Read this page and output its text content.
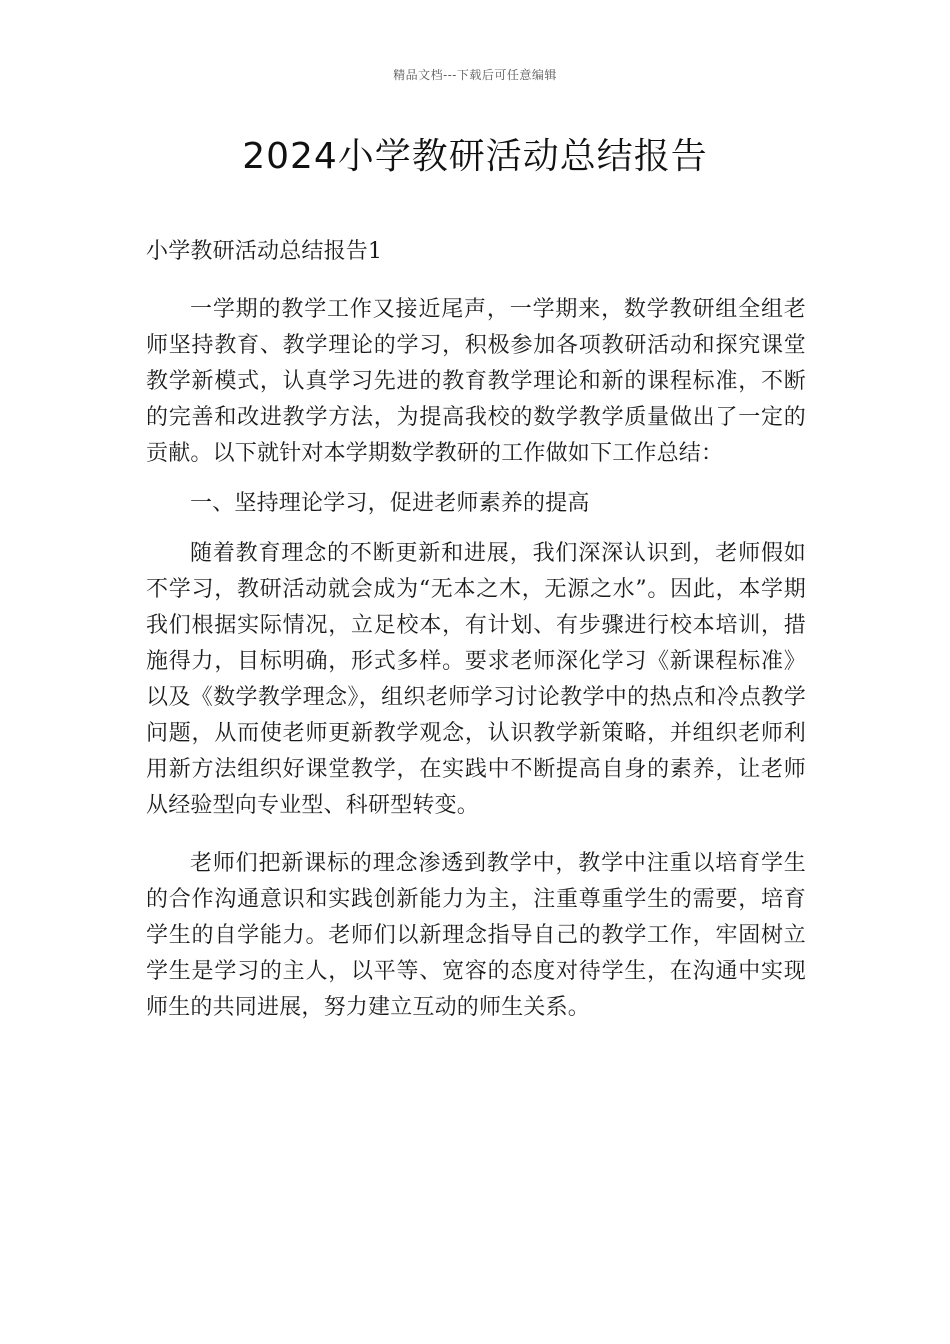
精品文档---下载后可任意编辑
2024小学教研活动总结报告

小学教研活动总结报告1

一学期的教学工作又接近尾声，一学期来，数学教研组全组老师坚持教育、教学理论的学习，积极参加各项教研活动和探究课堂教学新模式，认真学习先进的教育教学理论和新的课程标准，不断的完善和改进教学方法，为提高我校的数学教学质量做出了一定的贡献。以下就针对本学期数学教研的工作做如下工作总结：

一、坚持理论学习，促进老师素养的提高

随着教育理念的不断更新和进展，我们深深认识到，老师假如不学习，教研活动就会成为“无本之木，无源之水”。因此，本学期我们根据实际情况，立足校本，有计划、有步骤进行校本培训，措施得力，目标明确，形式多样。要求老师深化学习《新课程标准》以及《数学教学理念》，组织老师学习讨论教学中的热点和冷点教学问题，从而使老师更新教学观念，认识教学新策略，并组织老师利用新方法组织好课堂教学，在实践中不断提高自身的素养，让老师从经验型向专业型、科研型转变。

老师们把新课标的理念渗透到教学中，教学中注重以培育学生的合作沟通意识和实践创新能力为主，注重尊重学生的需要，培育学生的自学能力。老师们以新理念指导自己的教学工作，牢固树立学生是学习的主人，以平等、宽容的态度对待学生，在沟通中实现师生的共同进展，努力建立互动的师生关系。
